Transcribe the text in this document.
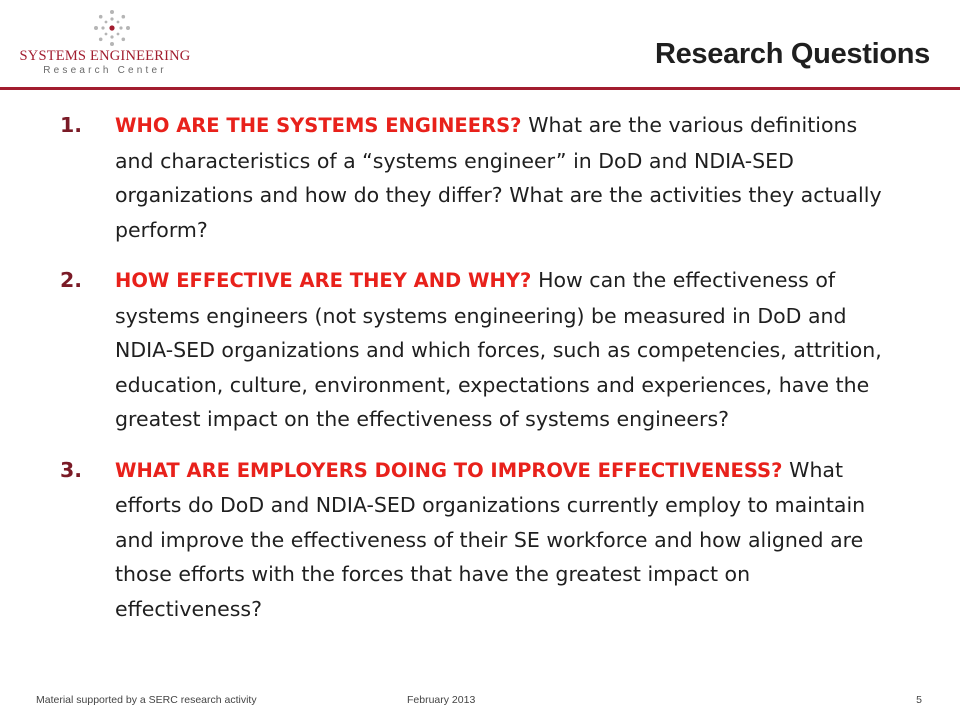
SYSTEMS ENGINEERING
Research Center
Research Questions
1. WHO ARE THE SYSTEMS ENGINEERS? What are the various definitions and characteristics of a “systems engineer” in DoD and NDIA-SED organizations and how do they differ? What are the activities they actually perform?
2. HOW EFFECTIVE ARE THEY AND WHY? How can the effectiveness of systems engineers (not systems engineering) be measured in DoD and NDIA-SED organizations and which forces, such as competencies, attrition, education, culture, environment, expectations and experiences, have the greatest impact on the effectiveness of systems engineers?
3. WHAT ARE EMPLOYERS DOING TO IMPROVE EFFECTIVENESS? What efforts do DoD and NDIA-SED organizations currently employ to maintain and improve the effectiveness of their SE workforce and how aligned are those efforts with the forces that have the greatest impact on effectiveness?
Material supported by a SERC research activity	February 2013	5
